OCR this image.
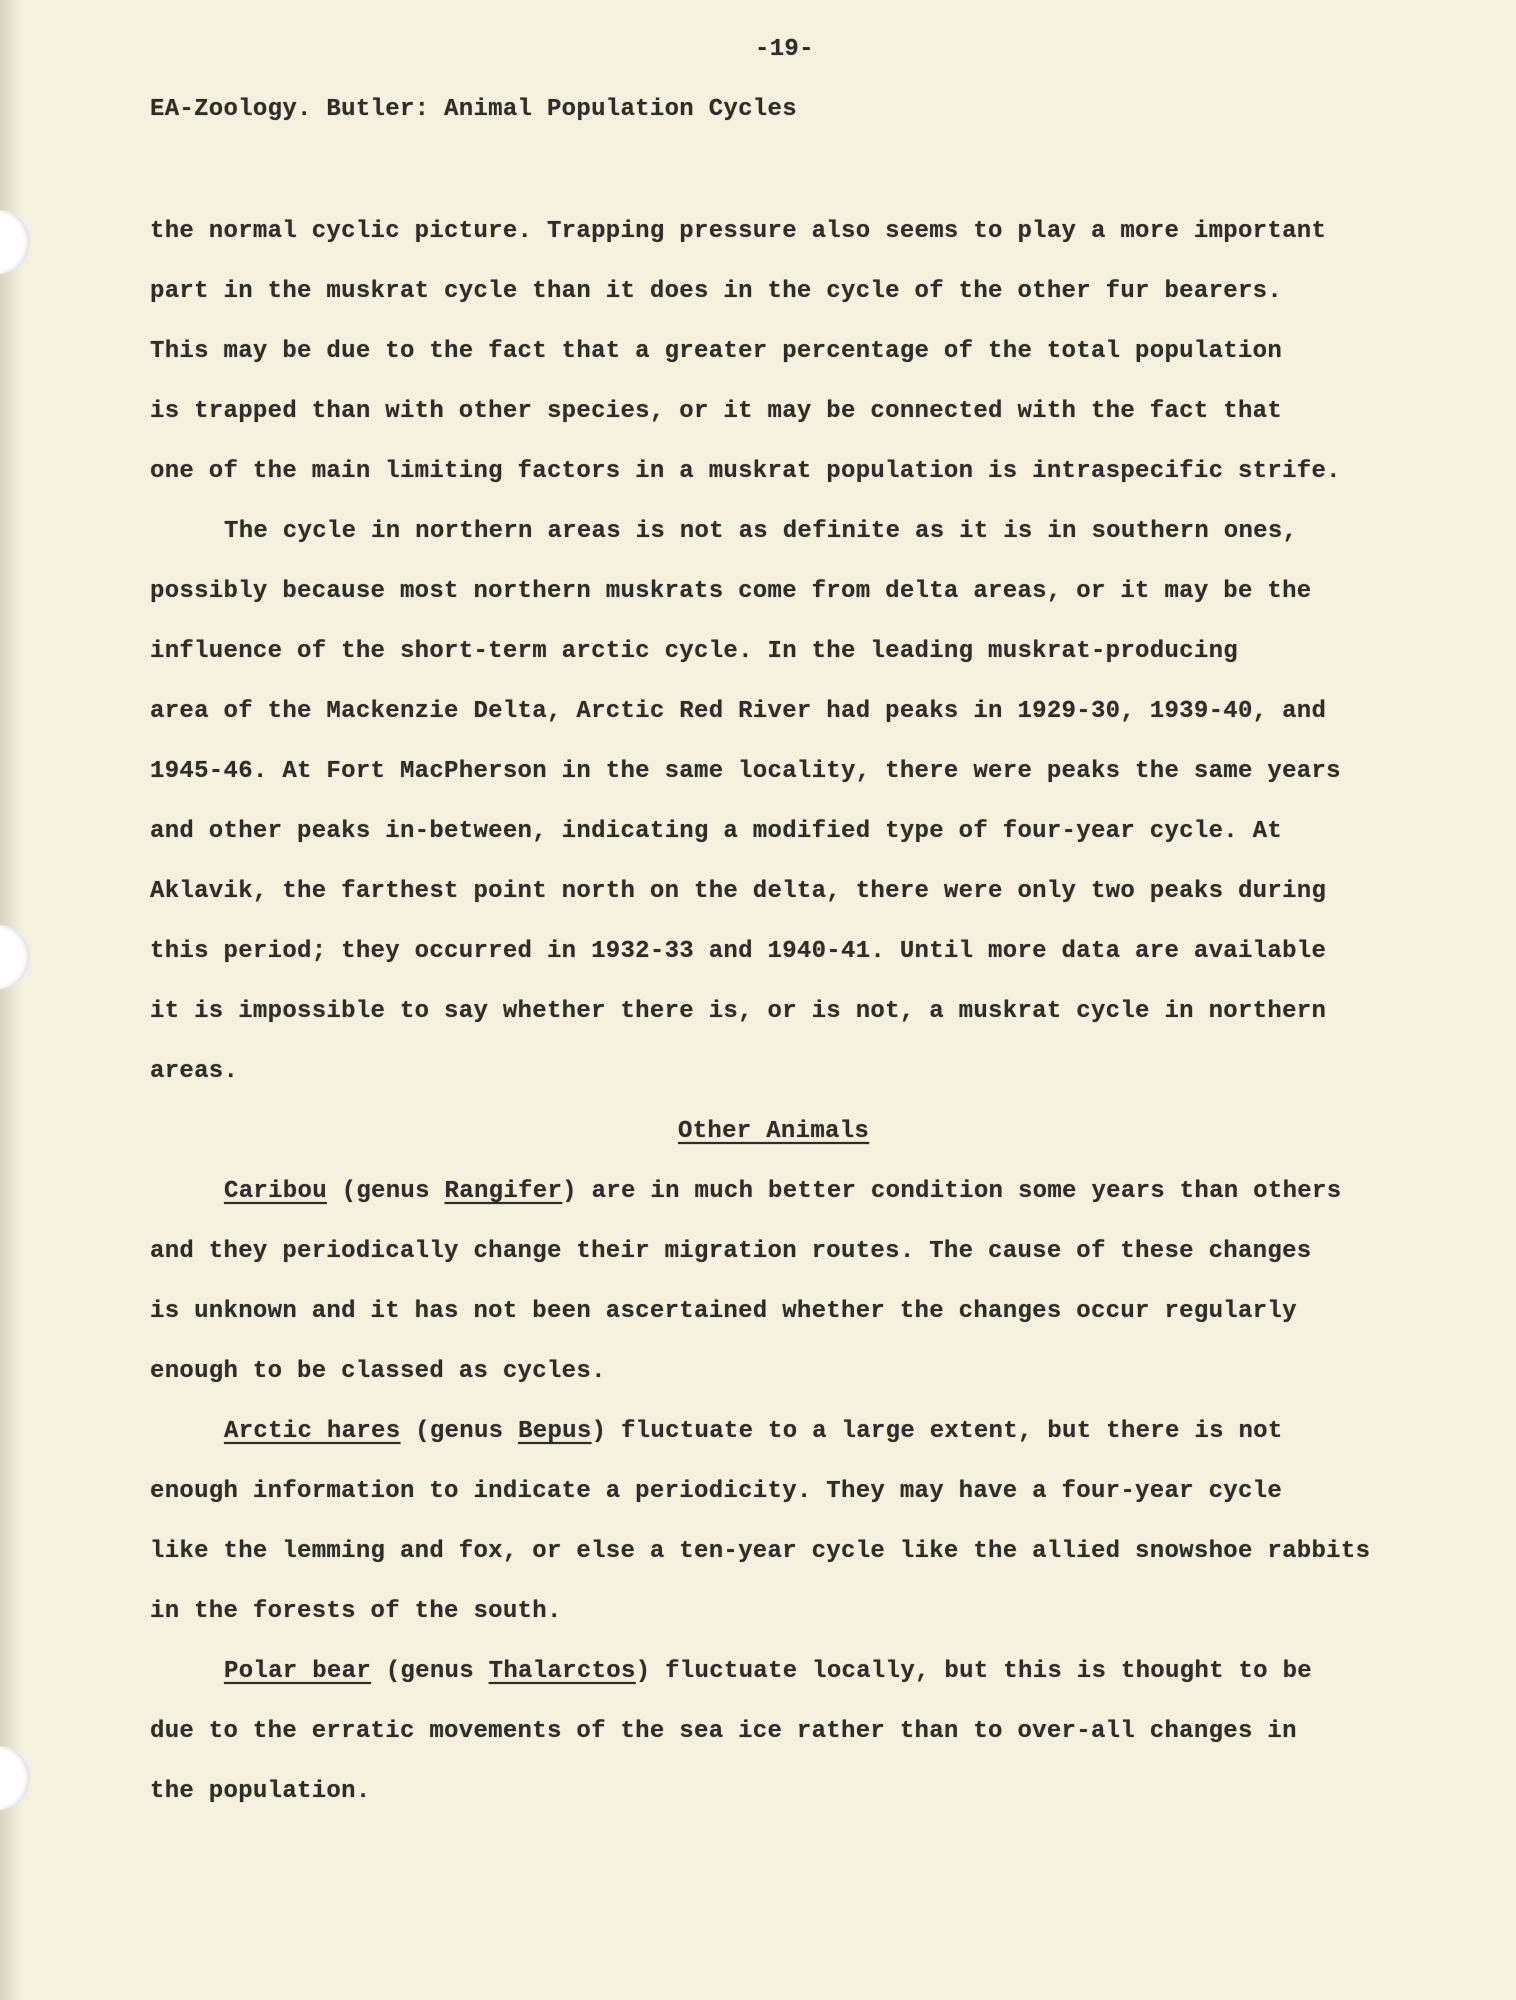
-19-
EA-Zoology. Butler: Animal Population Cycles
the normal cyclic picture. Trapping pressure also seems to play a more important
part in the muskrat cycle than it does in the cycle of the other fur bearers.
This may be due to the fact that a greater percentage of the total population
is trapped than with other species, or it may be connected with the fact that
one of the main limiting factors in a muskrat population is intraspecific strife.
The cycle in northern areas is not as definite as it is in southern ones,
possibly because most northern muskrats come from delta areas, or it may be the
influence of the short-term arctic cycle. In the leading muskrat-producing
area of the Mackenzie Delta, Arctic Red River had peaks in 1929-30, 1939-40, and
1945-46. At Fort MacPherson in the same locality, there were peaks the same years
and other peaks in-between, indicating a modified type of four-year cycle. At
Aklavik, the farthest point north on the delta, there were only two peaks during
this period; they occurred in 1932-33 and 1940-41. Until more data are available
it is impossible to say whether there is, or is not, a muskrat cycle in northern
areas.
Other Animals
Caribou (genus Rangifer) are in much better condition some years than others
and they periodically change their migration routes. The cause of these changes
is unknown and it has not been ascertained whether the changes occur regularly
enough to be classed as cycles.
Arctic hares (genus Bepus) fluctuate to a large extent, but there is not
enough information to indicate a periodicity. They may have a four-year cycle
like the lemming and fox, or else a ten-year cycle like the allied snowshoe rabbits
in the forests of the south.
Polar bear (genus Thalarctos) fluctuate locally, but this is thought to be
due to the erratic movements of the sea ice rather than to over-all changes in
the population.
